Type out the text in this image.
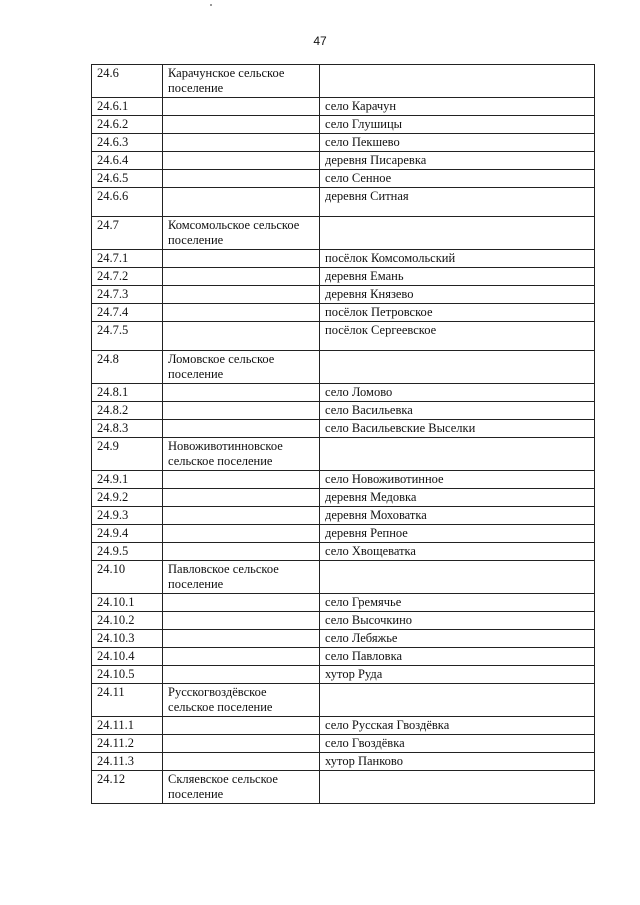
47
24.6	Карачунское сельское поселение	
24.6.1		село Карачун
24.6.2		село Глушицы
24.6.3		село Пекшево
24.6.4		деревня Писаревка
24.6.5		село Сенное
24.6.6		деревня Ситная
24.7	Комсомольское сельское поселение	
24.7.1		посёлок Комсомольский
24.7.2		деревня Емань
24.7.3		деревня Князево
24.7.4		посёлок Петровское
24.7.5		посёлок Сергеевское
24.8	Ломовское сельское поселение	
24.8.1		село Ломово
24.8.2		село Васильевка
24.8.3		село Васильевские Выселки
24.9	Новоживотинновское сельское поселение	
24.9.1		село Новоживотинное
24.9.2		деревня Медовка
24.9.3		деревня Моховатка
24.9.4		деревня Репное
24.9.5		село Хвощеватка
24.10	Павловское сельское поселение	
24.10.1		село Гремячье
24.10.2		село Высочкино
24.10.3		село Лебяжье
24.10.4		село Павловка
24.10.5		хутор Руда
24.11	Русскогвоздёвское сельское поселение	
24.11.1		село Русская Гвоздёвка
24.11.2		село Гвоздёвка
24.11.3		хутор Панково
24.12	Скляевское сельское поселение	
